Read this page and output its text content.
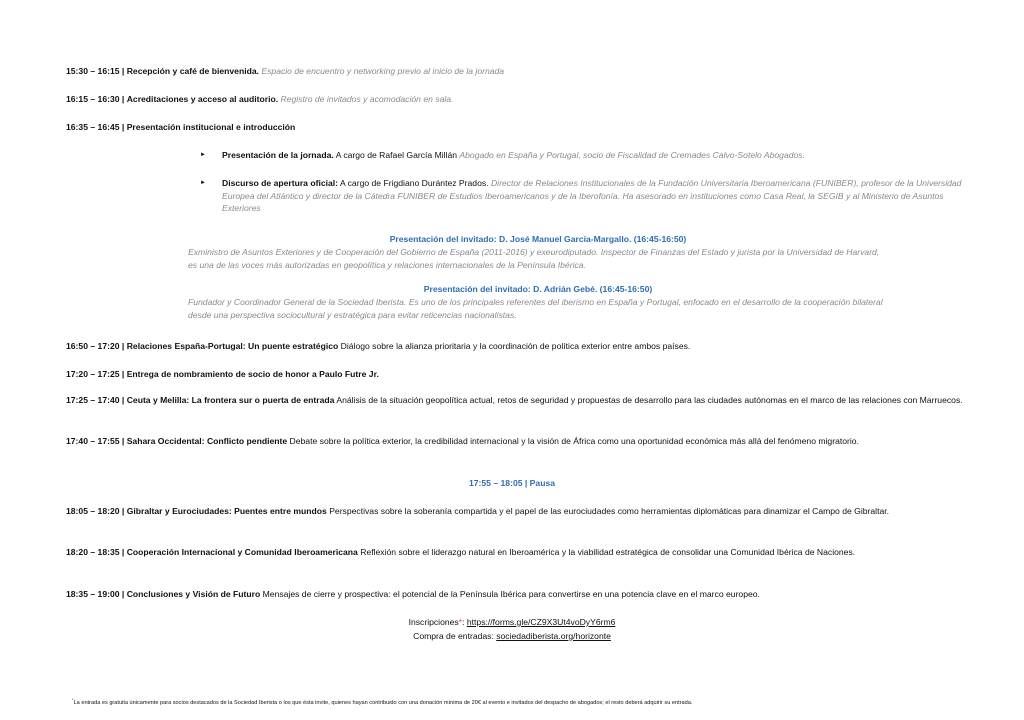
15:30 – 16:15 | Recepción y café de bienvenida. Espacio de encuentro y networking previo al inicio de la jornada
16:15 – 16:30 | Acreditaciones y acceso al auditorio. Registro de invitados y acomodación en sala.
16:35 – 16:45 | Presentación institucional e introducción
► Presentación de la jornada. A cargo de Rafael García Millán Abogado en España y Portugal, socio de Fiscalidad de Cremades Calvo-Sotelo Abogados.
► Discurso de apertura oficial: A cargo de Frigdiano Durántez Prados. Director de Relaciones Institucionales de la Fundación Universitaria Iberoamericana (FUNIBER), profesor de la Universidad Europea del Atlántico y director de la Cátedra FUNIBER de Estudios Iberoamericanos y de la Iberofonía. Ha asesorado en instituciones como Casa Real, la SEGIB y al Ministerio de Asuntos Exteriores
Presentación del invitado: D. José Manuel García-Margallo. (16:45-16:50)
Exministro de Asuntos Exteriores y de Cooperación del Gobierno de España (2011-2016) y exeurodiputado. Inspector de Finanzas del Estado y jurista por la Universidad de Harvard, es una de las voces más autorizadas en geopolítica y relaciones internacionales de la Península Ibérica.
Presentación del invitado: D. Adrián Gebé. (16:45-16:50)
Fundador y Coordinador General de la Sociedad Iberista. Es uno de los principales referentes del iberismo en España y Portugal, enfocado en el desarrollo de la cooperación bilateral desde una perspectiva sociocultural y estratégica para evitar reticencias nacionalistas.
16:50 – 17:20 | Relaciones España-Portugal: Un puente estratégico Diálogo sobre la alianza prioritaria y la coordinación de política exterior entre ambos países.
17:20 – 17:25 | Entrega de nombramiento de socio de honor a Paulo Futre Jr.
17:25 – 17:40 | Ceuta y Melilla: La frontera sur o puerta de entrada Análisis de la situación geopolítica actual, retos de seguridad y propuestas de desarrollo para las ciudades autónomas en el marco de las relaciones con Marruecos.
17:40 – 17:55 | Sahara Occidental: Conflicto pendiente Debate sobre la política exterior, la credibilidad internacional y la visión de África como una oportunidad económica más allá del fenómeno migratorio.
17:55 – 18:05 | Pausa
18:05 – 18:20 | Gibraltar y Eurociudades: Puentes entre mundos Perspectivas sobre la soberanía compartida y el papel de las eurociudades como herramientas diplomáticas para dinamizar el Campo de Gibraltar.
18:20 – 18:35 | Cooperación Internacional y Comunidad Iberoamericana Reflexión sobre el liderazgo natural en Iberoamérica y la viabilidad estratégica de consolidar una Comunidad Ibérica de Naciones.
18:35 – 19:00 | Conclusiones y Visión de Futuro Mensajes de cierre y prospectiva: el potencial de la Península Ibérica para convertirse en una potencia clave en el marco europeo.
Inscripciones*: https://forms.gle/CZ9X3Ut4voDyY6rm6
Compra de entradas: sociedadiberista.org/horizonte
*La entrada es gratuita únicamente para socios destacados de la Sociedad Iberista o los que ésta invite, quienes hayan contribuido con una donación mínima de 20€ al evento e invitados del despacho de abogados; el resto deberá adquirir su entrada.
